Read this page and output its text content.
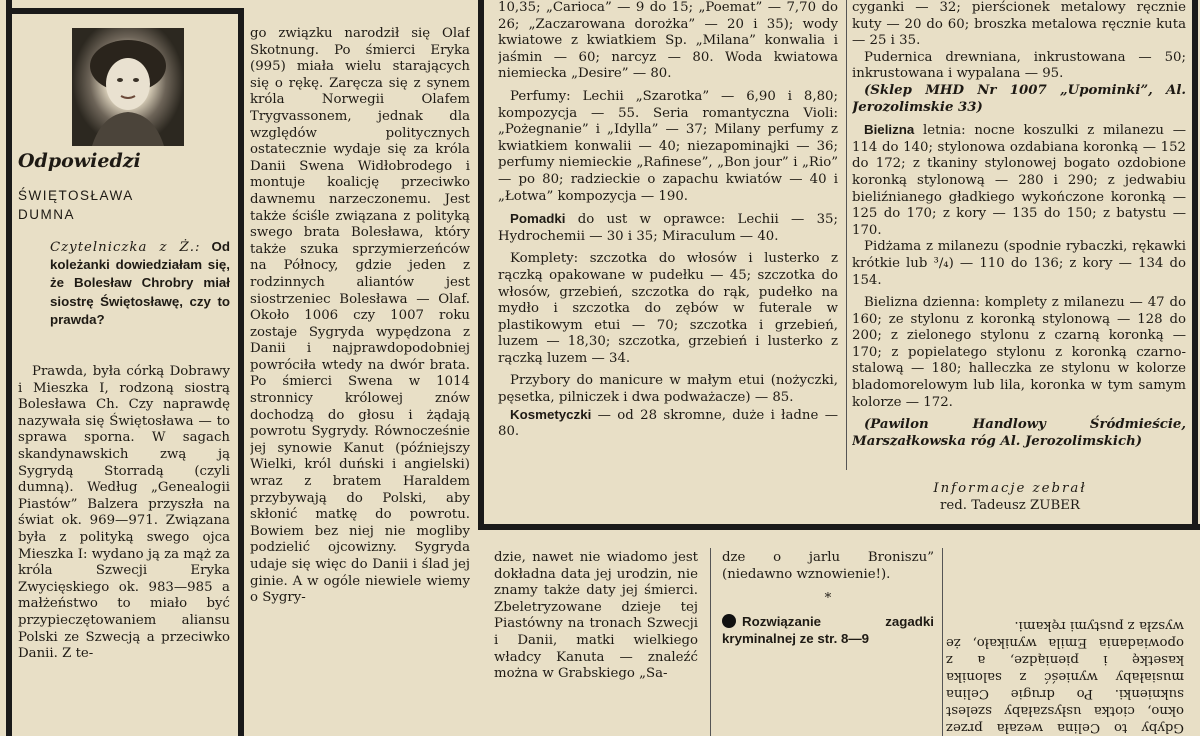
Odpowiedzi
ŚWIĘTOSŁAWA
DUMNA
Czytelniczka z Ż.: Od koleżanki dowiedziałam się, że Bolesław Chrobry miał siostrę Świętosławę, czy to prawda?

Prawda, była córką Dobrawy i Mieszka I, rodzoną siostrą Bolesława Ch. Czy naprawdę nazywała się Świętosława — to sprawa sporna. W sagach skandynawskich zwą ją Sygrydą Storradą (czyli dumną). Według „Genealogii Piastów” Balzera przyszła na świat ok. 969—971. Związana była z polityką swego ojca Mieszka I: wydano ją za mąż za króla Szwecji Eryka Zwycięskiego ok. 983—985 a małżeństwo to miało być przypieczętowaniem aliansu Polski ze Szwecją a przeciwko Danii. Z te-

go związku narodził się Olaf Skotnung. Po śmierci Eryka (995) miała wielu starających się o rękę. Zaręcza się z synem króla Norwegii Olafem Trygvassonem, jednak dla względów politycznych ostatecznie wydaje się za króla Danii Swena Widłobrodego i montuje koalicję przeciwko dawnemu narzeczonemu. Jest także ściśle związana z polityką swego brata Bolesława, który także szuka sprzymierzeńców na Północy, gdzie jeden z rodzinnych aliantów jest siostrzeniec Bolesława — Olaf. Około 1006 czy 1007 roku zostaje Sygryda wypędzona z Danii i najprawdopodobniej powróciła wtedy na dwór brata. Po śmierci Swena w 1014 stronnicy królowej znów dochodzą do głosu i żądają powrotu Sygrydy. Równocześnie jej synowie Kanut (późniejszy Wielki, król duński i angielski) wraz z bratem Haraldem przybywają do Polski, aby skłonić matkę do powrotu. Bowiem bez niej nie mogliby podzielić ojcowizny. Sygryda udaje się więc do Danii i ślad jej ginie. A w ogóle niewiele wiemy o Sygry-

10,35; „Carioca” — 9 do 15; „Poemat” — 7,70 do 26; „Zaczarowana dorożka” — 20 i 35); wody kwiatowe z kwiatkiem Sp. „Milana” konwalia i jaśmin — 60; narcyz — 80. Woda kwiatowa niemiecka „Desire” — 80.

Perfumy: Lechii „Szarotka” — 6,90 i 8,80; kompozycja — 55. Seria romantyczna Violi: „Pożegnanie” i „Idylla” — 37; Milany perfumy z kwiatkiem konwalii — 40; niezapominajki — 36; perfumy niemieckie „Rafinese”, „Bon jour” i „Rio” — po 80; radzieckie o zapachu kwiatów — 40 i „Łotwa” kompozycja — 190.

Pomadki do ust w oprawce: Lechii — 35; Hydrochemii — 30 i 35; Miraculum — 40.

Komplety: szczotka do włosów i lusterko z rączką opakowane w pudełku — 45; szczotka do włosów, grzebień, szczotka do rąk, pudełko na mydło i szczotka do zębów w futerale w plastikowym etui — 70; szczotka i grzebień, luzem — 18,30; szczotka, grzebień i lusterko z rączką luzem — 34.

Przybory do manicure w małym etui (nożyczki, pęsetka, pilniczek i dwa podważacze) — 85.

Kosmetyczki — od 28 skromne, duże i ładne — 80.

cyganki — 32; pierścionek metalowy ręcznie kuty — 20 do 60; broszka metalowa ręcznie kuta — 25 i 35.

Pudernica drewniana, inkrustowana — 50; inkrustowana i wypalana — 95.

(Sklep MHD Nr 1007 „Upominki”, Al. Jerozolimskie 33)

Bielizna letnia: nocne koszulki z milanezu — 114 do 140; stylonowa ozdabiana koronką — 152 do 172; z tkaniny stylonowej bogato ozdobione koronką stylonową — 280 i 290; z jedwabiu bieliźnianego gładkiego wykończone koronką — 125 do 170; z kory — 135 do 150; z batystu — 170.

Pidżama z milanezu (spodnie rybaczki, rękawki krótkie lub ³/₄) — 110 do 136; z kory — 134 do 154.

Bielizna dzienna: komplety z milanezu — 47 do 160; ze stylonu z koronką stylonową — 128 do 200; z zielonego stylonu z czarną koronką — 170; z popielatego stylonu z koronką czarno-stalową — 180; halleczka ze stylonu w kolorze bladomorelowym lub lila, koronka w tym samym kolorze — 172.

(Pawilon Handlowy Śródmieście, Marszałkowska róg Al. Jerozolimskich)

Informacje zebrał
red. Tadeusz ZUBER

dzie, nawet nie wiadomo jest dokładna data jej urodzin, nie znamy także daty jej śmierci. Zbeletryzowane dzieje tej Piastówny na tronach Szwecji i Danii, matki wielkiego władcy Kanuta — znaleźć można w Grabskiego „Sa-

dze o jarlu Broniszu” (niedawno wznowienie!).

*

Rozwiązanie zagadki kryminalnej ze str. 8—9

Gdyby to Celina wezała przez okno, ciotka usłyszałaby szelest suknienki. Po drugie Celina musiałaby wynieść z salonika kasetkę i pieniądze, a z opowiadania Emila wynikało, że wyszła z pustymi rękami.
